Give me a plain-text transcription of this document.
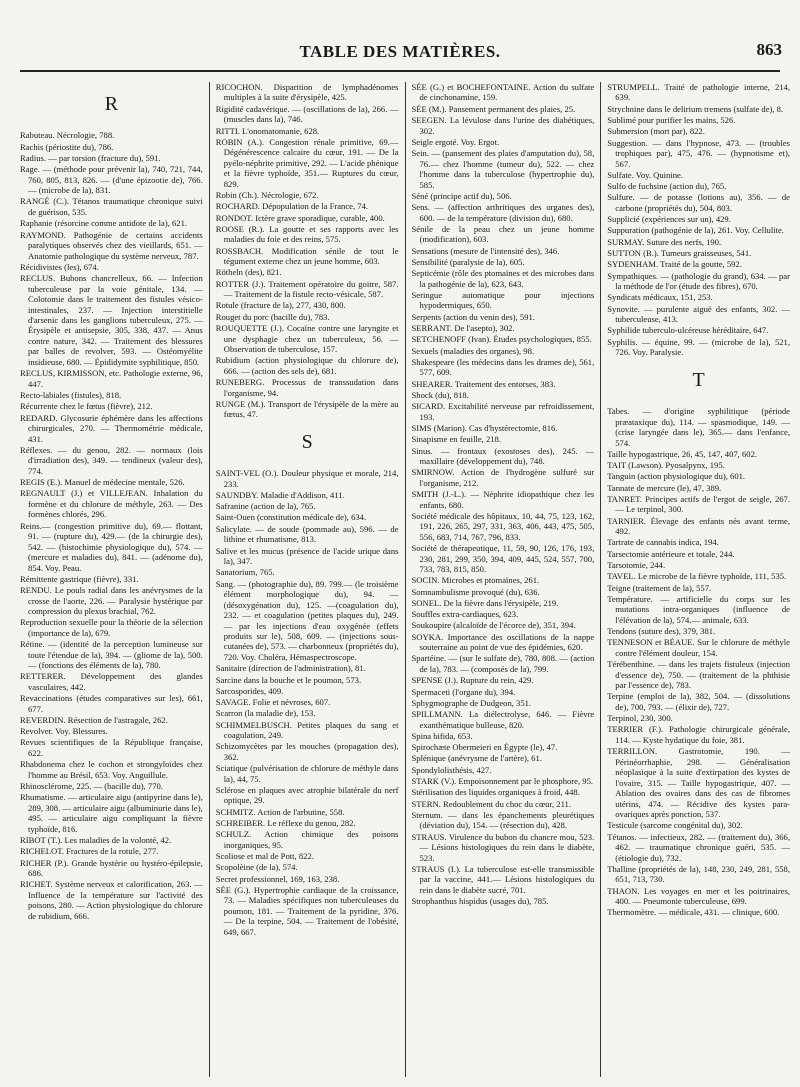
TABLE DES MATIÈRES.	863

R

Rabuteau. Nécrologie, 788.

Rachis (périostite du), 786.

Radius. — par torsion (fracture du), 591.

Rage. — (méthode pour prévenir la), 740, 721, 744, 760, 805, 813, 826. — (d'une épizootie de), 766. — (microbe de la), 831.

RANGÉ (C.). Tétanos traumatique chronique suivi de guérison, 535.

Raphanie (résorcine comme antidote de la), 621.

RAYMOND. Pathogénie de certains accidents paralytiques observés chez des vieillards, 651. — Anatomie pathologique du système nerveux, 787.

Récidivistes (les), 674.

RECLUS. Bubons chancrelleux, 66. — Infection tuberculeuse par la voie génitale, 134. — Colotomie dans le traitement des fistules vésico-intestinales, 237. — Injection interstitielle d'arsenic dans les ganglions tuberculeux, 275. — Érysipèle et antisepsie, 305, 338, 437. — Anus contre nature, 342. — Traitement des blessures par balles de revolver, 593. — Ostéomyélite insidieuse, 680. — Épididymite syphilitique, 850.

RECLUS, KIRMISSON, etc. Pathologie externe, 96, 447.

Recto-labiales (fistules), 818.

Récurrente chez le fœtus (fièvre), 212.

REDARD. Glycosurie éphémère dans les affections chirurgicales, 270. — Thermométrie médicale, 431.

Réflexes. — du genou, 282. — normaux (lois d'irradiation des), 349. — tendineux (valeur des), 774.

REGIS (E.). Manuel de médecine mentale, 526.

REGNAULT (J.) et VILLEJEAN. Inhalation du formène et du chlorure de méthyle, 263. — Des formènes chlorés, 296.

Reins.— (congestion primitive du), 69.— flottant, 91. — (rupture du), 429.— (de la chirurgie des), 542. — (histochimie physiologique du), 574. — (mercure et maladies du), 841. — (adénome du), 854. Voy. Peau.

Rémittente gastrique (fièvre), 331.

RENDU. Le pouls radial dans les anévrysmes de la crosse de l'aorte, 226. — Paralysie hystérique par compression du plexus brachial, 762.

Reproduction sexuelle pour la théorie de la sélection (importance de la), 679.

Rétine. — (identité de la perception lumineuse sur toute l'étendue de la), 394. — (gliome de la), 500.— (fonctions des éléments de la), 780.

RETTERER. Développement des glandes vasculaires, 442.

Revaccinations (études comparatives sur les), 661, 677.

REVERDIN. Résection de l'astragale, 262.

Revolver. Voy. Blessures.

Revues scientifiques de la République française, 622.

Rhabdonema chez le cochon et strongyloïdes chez l'homme au Brésil, 653. Voy. Anguillule.

Rhinosclérome, 225. — (bacille du), 770.

Rhumatisme. — articulaire aigu (antipyrine dans le), 289, 308. — articulaire aigu (albuminurie dans le), 495. — articulaire aigu compliquant la fièvre typhoïde, 816.

RIBOT (T.). Les maladies de la volonté, 42.

RICHELOT. Fractures de la rotule, 277.

RICHER (P.). Grande hystérie ou hystéro-épilepsie, 686.

RICHET. Système nerveux et calorification, 263. — Influence de la température sur l'activité des poisons, 280. — Action physiologique du chlorure de rubidium, 666.

RICOCHON. Disparition de lymphadénomes multiples à la suite d'érysipèle, 425.

Rigidité cadavérique. — (oscillations de la), 266. — (muscles dans la), 746.

RITTI. L'onomatomanie, 628.

ROBIN (A.). Congestion rénale primitive, 69.— Dégénérescence calcaire du cœur, 191. — De la pyélo-néphrite primitive, 292. — L'acide phénique et la fièvre typhoïde, 351.— Ruptures du cœur, 829.

Robin (Ch.). Nécrologie, 672.

ROCHARD. Dépopulation de la France, 74.

RONDOT. Ictère grave sporadique, curable, 400.

ROOSE (R.). La goutte et ses rapports avec les maladies du foie et des reins, 575.

ROSSBACH. Modification sénile de tout le tégument externe chez un jeune homme, 603.

Rötheln (des), 821.

ROTTER (J.). Traitement opératoire du goitre, 587. — Traitement de la fistule recto-vésicale, 587.

Rotule (fracture de la), 277, 430, 800.

Rouget du porc (bacille du), 783.

ROUQUETTE (J.). Cocaïne contre une laryngite et une dysphagie chez un tuberculeux, 56. — Observation de tuberculose, 157.

Rubidium (action physiologique du chlorure de), 666. — (action des sels de), 681.

RUNEBERG. Processus de transsudation dans l'organisme, 94.

RUNGE (M.). Transport de l'érysipèle de la mère au fœtus, 47.

S

SAINT-VEL (O.). Douleur physique et morale, 214, 233.

SAUNDBY. Maladie d'Addison, 411.

Safranine (action de la), 765.

Saint-Ouen (constitution médicale de), 634.

Salicylate. — de soude (pommade au), 596. — de lithine et rhumatisme, 813.

Salive et les mucus (présence de l'acide urique dans la), 347.

Sanatorium, 765.

Sang. — (photographie du), 89. 799.— (le troisième élément morphologique du), 94. — (désoxygénation du), 125. —(coagulation du), 232. — et coagulation (petites plaques du), 249. — par les injections d'eau oxygénée (effets produits sur le), 508, 609. — (injections sous-cutanées de), 573. — charbonneux (propriétés du), 720. Voy. Choléra, Hémaspectroscope.

Sanitaire (direction de l'administration), 81.

Sarcine dans la bouche et le poumon, 573.

Sarcosporides, 409.

SAVAGE. Folie et névroses, 607.

Scarron (la maladie de), 153.

SCHIMMELBUSCH. Petites plaques du sang et coagulation, 249.

Schizomycètes par les mouches (propagation des), 362.

Sciatique (pulvérisation de chlorure de méthyle dans la), 44, 75.

Sclérose en plaques avec atrophie bilatérale du nerf optique, 29.

SCHMITZ. Action de l'arbutine, 558.

SCHREIBER. Le réflexe du genou, 282.

SCHULZ. Action chimique des poisons inorganiques, 95.

Scoliose et mal de Pott, 822.

Scopolèine (de la), 574.

Secret professionnel, 169, 163, 238.

SÉE (G.). Hypertrophie cardiaque de la croissance, 73. — Maladies spécifiques non tuberculeuses du poumon, 181. — Traitement de la pyridine, 376. — De la terpine, 504. — Traitement de l'obésité, 649, 667.

SÉE (G.) et BOCHEFONTAINE. Action du sulfate de cinchonamine, 159.

SÉE (M.). Pansement permanent des plaies, 25.

SEEGEN. La lévulose dans l'urine des diabétiques, 302.

Seigle ergoté. Voy. Ergot.

Sein. — (pansement des plaies d'amputation du), 58, 76.— chez l'homme (tumeur du), 522. — chez l'homme dans la tuberculose (hypertrophie du), 585.

Séné (principe actif du), 506.

Sens. — (affection arthritiques des organes des), 600. — de la température (division du), 680.

Sénile de la peau chez un jeune homme (modification), 603.

Sensations (mesure de l'intensité des), 346.

Sensibilité (paralysie de la), 605.

Septicémie (rôle des ptomaïnes et des microbes dans la pathogénie de la), 623, 643.

Seringue automatique pour injections hypodermiques, 650.

Serpents (action du venin des), 591.

SERRANT. De l'asepto), 302.

SETCHENOFF (Ivan). Études psychologiques, 855.

Sexuels (maladies des organes), 98.

Shakespeare (les médecins dans les drames de), 561, 577, 609.

SHEARER. Traitement des entorses, 383.

Shock (du), 818.

SICARD. Excitabilité nerveuse par refroidissement, 193.

SIMS (Marion). Cas d'hystérectomie, 816.

Sinapisme en feuille, 218.

Sinus. — frontaux (exostoses des), 245. — maxillaire (développement du), 748.

SMIRNOW. Action de l'hydrogène sulfuré sur l'organisme, 212.

SMITH (J.-L.). — Néphrite idiopathique chez les enfants, 680.

Société médicale des hôpitaux, 10, 44, 75, 123, 162, 191, 226, 265, 297, 331, 363, 406, 443, 475, 505, 556, 683, 714, 767, 796, 833.

Société de thérapeutique, 11, 59, 90, 126, 176, 193, 230, 281, 299, 350, 394, 409, 445, 524, 557, 700, 733, 783, 815, 850.

SOCIN. Microbes et ptomaïnes, 261.

Somnambulisme provoqué (du), 636.

SONEL. De la fièvre dans l'érysipèle, 219.

Souffles extra-cardiaques, 623.

Soukoupire (alcaloïde de l'écorce de), 351, 394.

SOYKA. Importance des oscillations de la nappe souterraine au point de vue des épidémies, 620.

Spartéine. — (sur le sulfate de), 780, 808. — (action de la), 783. — (composés de la), 799.

SPENSE (J.). Rupture du rein, 429.

Spermaceti (l'organe du), 394.

Sphygmographe de Dudgeon, 351.

SPILLMANN. La diélectrolyse, 646. — Fièvre exanthématique bulleuse, 820.

Spina bifida, 653.

Spirochæte Obermeieri en Égypte (le), 47.

Splénique (anévrysme de l'artère), 61.

Spondylolisthésis, 427.

STARK (V.). Empoisonnement par le phosphore, 95.

Stérilisation des liquides organiques à froid, 448.

STERN. Redoublement du choc du cœur, 211.

Sternum. — dans les épanchements pleurétiques (déviation du), 154. — (résection du), 428.

STRAUS. Virulence du bubon du chancre mou, 523. — Lésions histologiques du rein dans le diabète, 523.

STRAUS (I.). La tuberculose est-elle transmissible par la vaccine, 441.— Lésions histologiques du rein dans le diabète sucré, 701.

Strophanthus hispidus (usages du), 785.

STRUMPELL. Traité de pathologie interne, 214, 639.

Strychnine dans le delirium tremens (sulfate de), 8.

Sublimé pour purifier les mains, 526.

Submersion (mort par), 822.

Suggestion. — dans l'hypnose, 473. — (troubles trophiques par), 475, 476. — (hypnotisme et), 567.

Sulfate. Voy. Quinine.

Sulfo de fuchsine (action du), 765.

Sulfure. — de potasse (lotions au), 356. — de carbone (propriétés du), 504, 803.

Supplicié (expériences sur un), 429.

Suppuration (pathogénie de la), 261. Voy. Cellulite.

SURMAY. Suture des nerfs, 190.

SUTTON (B.). Tumeurs graisseuses, 541.

SYDENHAM. Traité de la goutte, 592.

Sympathiques. — (pathologie du grand), 634. — par la méthode de l'or (étude des fibres), 670.

Syndicats médicaux, 151, 253.

Synovite. — purulente aiguë des enfants, 302. — tuberculeuse, 413.

Syphilide tuberculo-ulcéreuse héréditaire, 647.

Syphilis. — équine, 99. — (microbe de la), 521, 726. Voy. Paralysie.

T

Tabes. — d'origine syphilitique (période præataxique du), 114. — spasmodique, 149. — (crise laryngée dans le), 365.— dans l'enfance, 574.

Taille hypogastrique, 26, 45, 147, 407, 602.

TAIT (Lawson). Pyosalpynx, 195.

Tanguin (action physiologique du), 601.

Tannate de mercure (le), 47, 389.

TANRET. Principes actifs de l'ergot de seigle, 267. — Le terpinol, 300.

TARNIER. Élevage des enfants nés avant terme, 492.

Tartrate de cannabis indica, 194.

Tarsectomie antérieure et totale, 244.

Tarsotomie, 244.

TAVEL. Le microbe de la fièvre typhoïde, 111, 535.

Teigne (traitement de la), 557.

Température. — artificielle du corps sur les mutations intra-organiques (influence de l'élévation de la), 574.— animale, 633.

Tendons (suture des), 379, 381.

TENNESON et BÉAUE. Sur le chlorure de méthyle contre l'élément douleur, 154.

Térébenthine. — dans les trajets fistuleux (injection d'essence de), 750. — (traitement de la phthisie par l'essence de), 783.

Terpine (emploi de la), 382, 504. — (dissolutions de), 700, 793. — (élixir de), 727.

Terpinol, 230, 300.

TERRIER (F.). Pathologie chirurgicale générale, 114. — Kyste hydatique du foie, 381.

TERRILLON. Gastrotomie, 190. — Périnéorrhaphie, 298. — Généralisation néoplasique à la suite d'extirpation des kystes de l'ovaire, 315. — Taille hypogastrique, 407. — Ablation des ovaires dans des cas de fibromes utérins, 474. — Récidive des kystes para-ovariques après ponction, 537.

Testicule (sarcome congénital du), 302.

Tétanos. — infectieux, 282. — (traitement du), 366, 462. — traumatique chronique guéri, 535. — (étiologie du), 732.

Thalline (propriétés de la), 148, 230, 249, 281, 558, 651, 713, 730.

THAON. Les voyages en mer et les poitrinaires, 400. — Pneumonie tuberculeuse, 699.

Thermomètre. — médicale, 431. — clinique, 600.
